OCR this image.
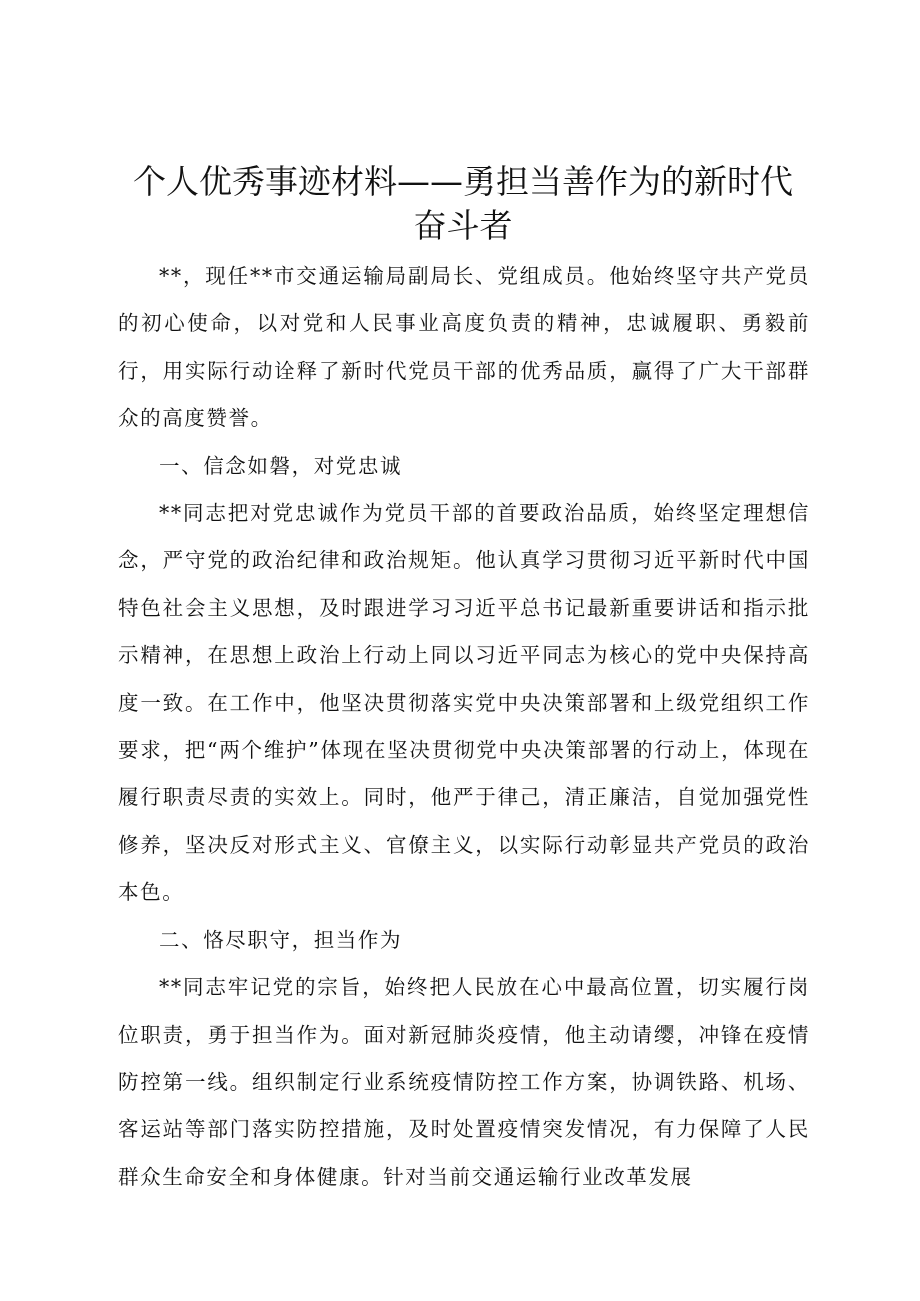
个人优秀事迹材料——勇担当善作为的新时代
奋斗者

**，现任**市交通运输局副局长、党组成员。他始终坚守共产党员的初心使命，以对党和人民事业高度负责的精神，忠诚履职、勇毅前行，用实际行动诠释了新时代党员干部的优秀品质，赢得了广大干部群众的高度赞誉。

一、信念如磐，对党忠诚

**同志把对党忠诚作为党员干部的首要政治品质，始终坚定理想信念，严守党的政治纪律和政治规矩。他认真学习贯彻习近平新时代中国特色社会主义思想，及时跟进学习习近平总书记最新重要讲话和指示批示精神，在思想上政治上行动上同以习近平同志为核心的党中央保持高度一致。在工作中，他坚决贯彻落实党中央决策部署和上级党组织工作要求，把“两个维护”体现在坚决贯彻党中央决策部署的行动上，体现在履行职责尽责的实效上。同时，他严于律己，清正廉洁，自觉加强党性修养，坚决反对形式主义、官僚主义，以实际行动彰显共产党员的政治本色。

二、恪尽职守，担当作为

**同志牢记党的宗旨，始终把人民放在心中最高位置，切实履行岗位职责，勇于担当作为。面对新冠肺炎疫情，他主动请缨，冲锋在疫情防控第一线。组织制定行业系统疫情防控工作方案，协调铁路、机场、客运站等部门落实防控措施，及时处置疫情突发情况，有力保障了人民群众生命安全和身体健康。针对当前交通运输行业改革发展
